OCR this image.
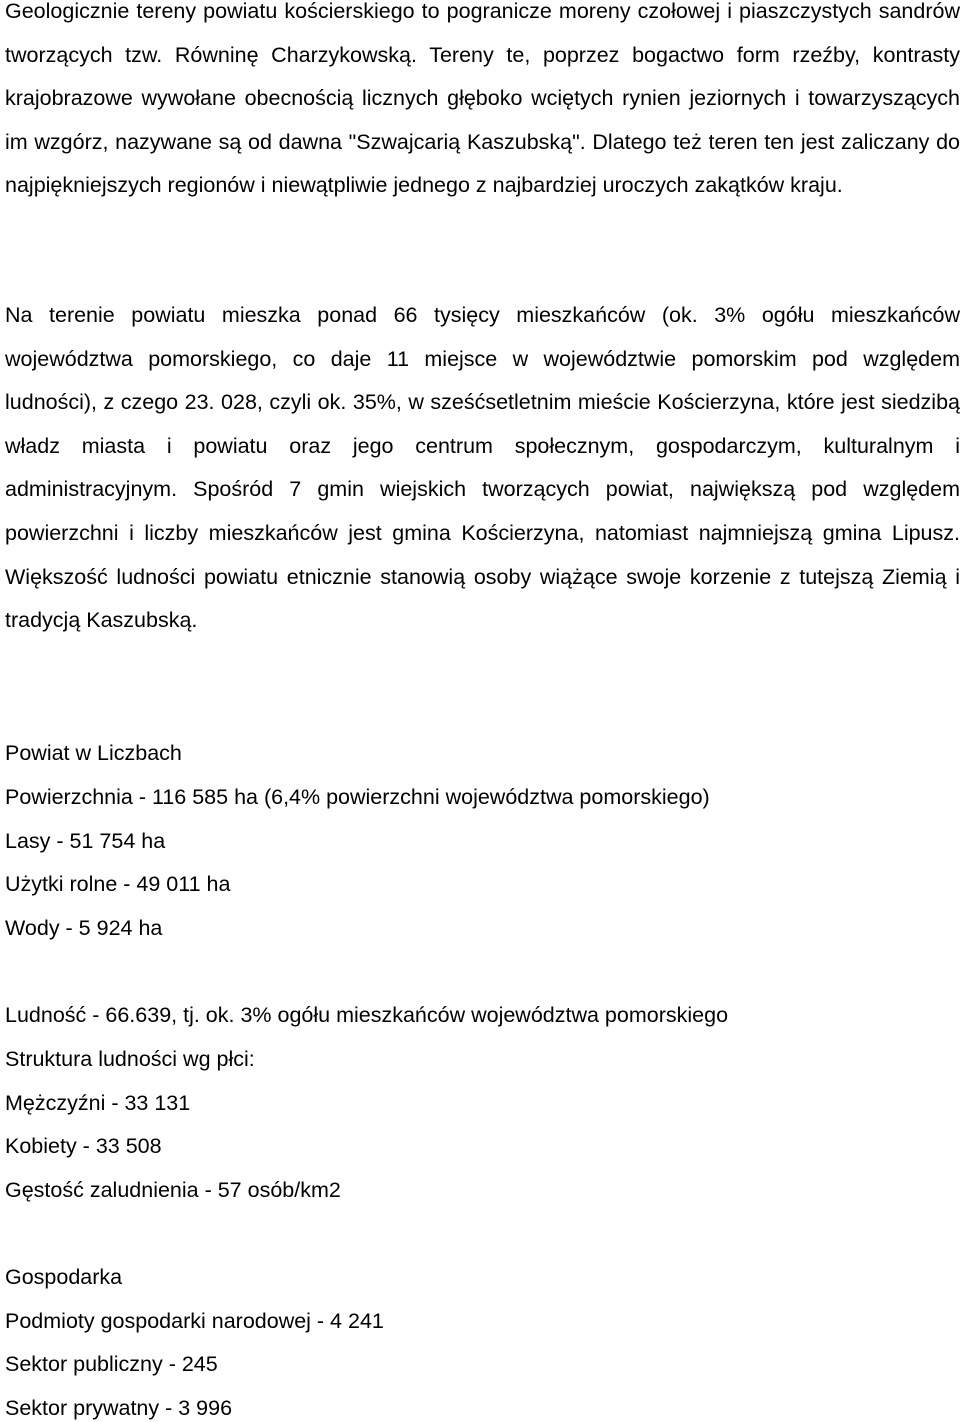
Geologicznie tereny powiatu kościerskiego to pogranicze moreny czołowej i piaszczystych sandrów tworzących tzw. Równinę Charzykowską. Tereny te, poprzez bogactwo form rzeźby, kontrasty krajobrazowe wywołane obecnością licznych głęboko wciętych rynien jeziornych i towarzyszących im wzgórz, nazywane są od dawna "Szwajcarią Kaszubską". Dlatego też teren ten jest zaliczany do najpiękniejszych regionów i niewątpliwie jednego z najbardziej uroczych zakątków kraju.

Na terenie powiatu mieszka ponad 66 tysięcy mieszkańców (ok. 3% ogółu mieszkańców województwa pomorskiego, co daje 11 miejsce w województwie pomorskim pod względem ludności), z czego 23. 028, czyli ok. 35%, w sześćsetletnim mieście Kościerzyna, które jest siedzibą władz miasta i powiatu oraz jego centrum społecznym, gospodarczym, kulturalnym i administracyjnym. Spośród 7 gmin wiejskich tworzących powiat, największą pod względem powierzchni i liczby mieszkańców jest gmina Kościerzyna, natomiast najmniejszą gmina Lipusz. Większość ludności powiatu etnicznie stanowią osoby wiążące swoje korzenie z tutejszą Ziemią i tradycją Kaszubską.

Powiat w Liczbach

Powierzchnia - 116 585 ha (6,4% powierzchni województwa pomorskiego)

Lasy - 51 754 ha

Użytki rolne - 49 011 ha

Wody - 5 924 ha

Ludność - 66.639, tj. ok. 3% ogółu mieszkańców województwa pomorskiego

Struktura ludności wg płci:

Mężczyźni - 33 131

Kobiety - 33 508

Gęstość zaludnienia - 57 osób/km2

Gospodarka

Podmioty gospodarki narodowej - 4 241

Sektor publiczny - 245

Sektor prywatny - 3 996
